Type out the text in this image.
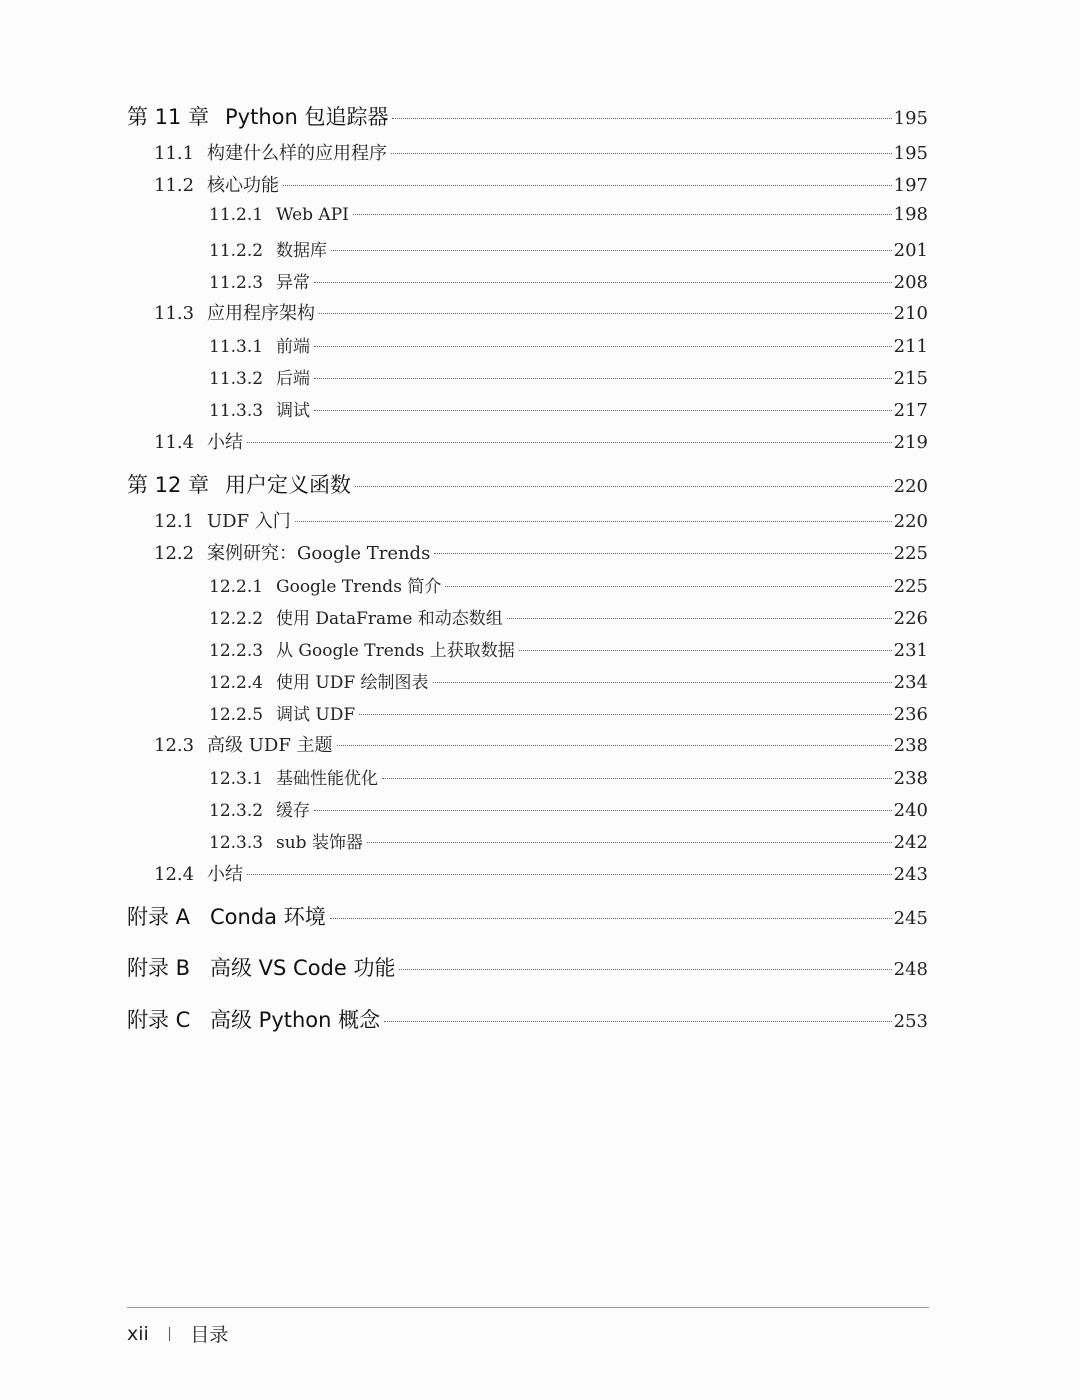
第 11 章 Python 包追踪器	195
11.1 构建什么样的应用程序	195
11.2 核心功能	197
11.2.1 Web API	198
11.2.2 数据库	201
11.2.3 异常	208
11.3 应用程序架构	210
11.3.1 前端	211
11.3.2 后端	215
11.3.3 调试	217
11.4 小结	219
第 12 章 用户定义函数	220
12.1 UDF 入门	220
12.2 案例研究：Google Trends	225
12.2.1 Google Trends 简介	225
12.2.2 使用 DataFrame 和动态数组	226
12.2.3 从 Google Trends 上获取数据	231
12.2.4 使用 UDF 绘制图表	234
12.2.5 调试 UDF	236
12.3 高级 UDF 主题	238
12.3.1 基础性能优化	238
12.3.2 缓存	240
12.3.3 sub 装饰器	242
12.4 小结	243
附录 A Conda 环境	245
附录 B 高级 VS Code 功能	248
附录 C 高级 Python 概念	253
xii 目录
